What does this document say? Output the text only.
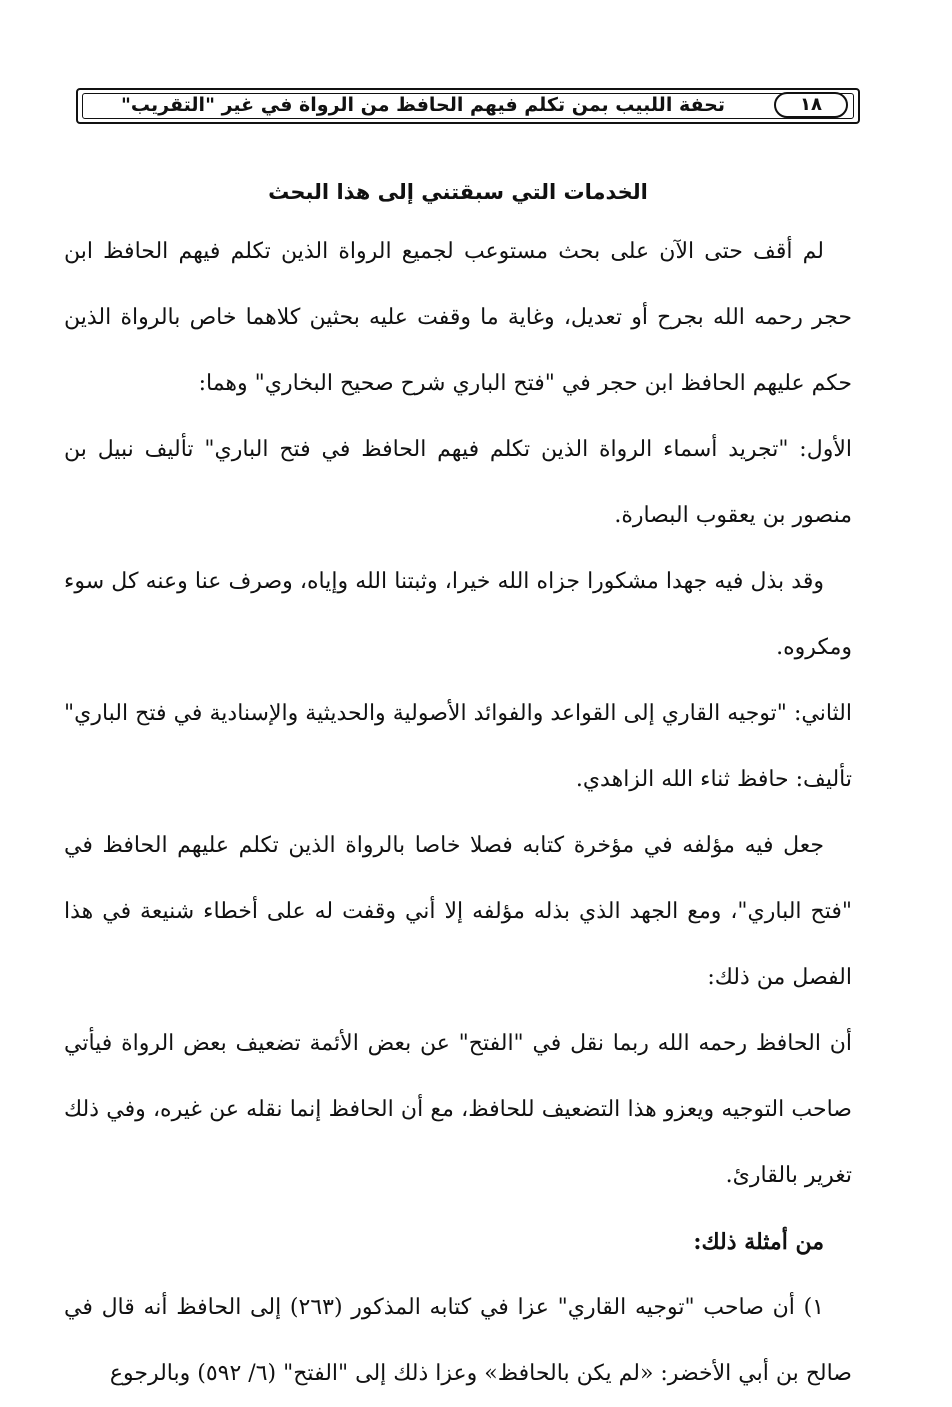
١٨
تحفة اللبيب بمن تكلم فيهم الحافظ من الرواة في غير "التقريب"
الخدمات التي سبقتني إلى هذا البحث

لم أقف حتى الآن على بحث مستوعب لجميع الرواة الذين تكلم فيهم الحافظ ابن حجر رحمه الله بجرح أو تعديل، وغاية ما وقفت عليه بحثين كلاهما خاص بالرواة الذين حكم عليهم الحافظ ابن حجر في "فتح الباري شرح صحيح البخاري" وهما:

الأول: "تجريد أسماء الرواة الذين تكلم فيهم الحافظ في فتح الباري" تأليف نبيل بن منصور بن يعقوب البصارة.

وقد بذل فيه جهدا مشكورا جزاه الله خيرا، وثبتنا الله وإياه، وصرف عنا وعنه كل سوء ومكروه.

الثاني: "توجيه القاري إلى القواعد والفوائد الأصولية والحديثية والإسنادية في فتح الباري" تأليف: حافظ ثناء الله الزاهدي.

جعل فيه مؤلفه في مؤخرة كتابه فصلا خاصا بالرواة الذين تكلم عليهم الحافظ في "فتح الباري"، ومع الجهد الذي بذله مؤلفه إلا أني وقفت له على أخطاء شنيعة في هذا الفصل من ذلك:

أن الحافظ رحمه الله ربما نقل في "الفتح" عن بعض الأئمة تضعيف بعض الرواة فيأتي صاحب التوجيه ويعزو هذا التضعيف للحافظ، مع أن الحافظ إنما نقله عن غيره، وفي ذلك تغرير بالقارئ.

من أمثلة ذلك:

١) أن صاحب "توجيه القاري" عزا في كتابه المذكور (٢٦٣) إلى الحافظ أنه قال في صالح بن أبي الأخضر: «لم يكن بالحافظ» وعزا ذلك إلى "الفتح" (٦/ ٥٩٢) وبالرجوع
